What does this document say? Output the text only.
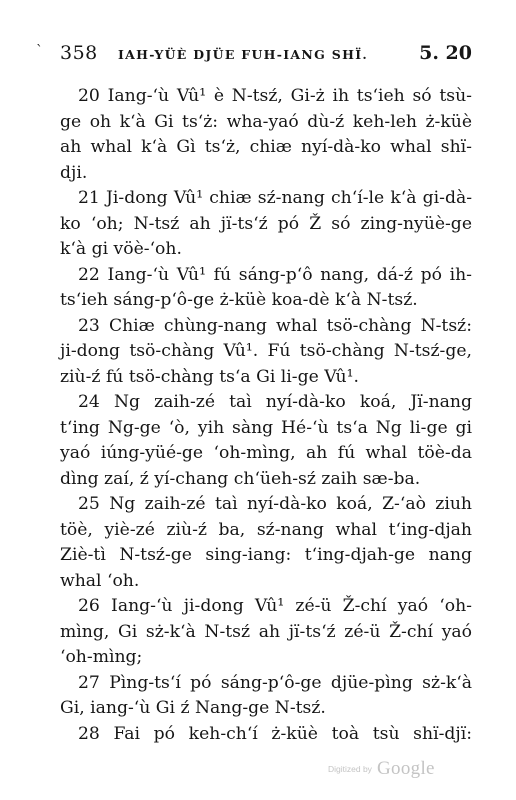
` 358 IAH-YÜÈ DJÜE FUH-IANG SHÏ.	5. 20
20 Iang-‘ù Vû¹ è N-tsź, Gi-ż ih ts‘ieh só tsù-
ge oh k‘à Gi ts‘ż: wha-yaó dù-ź keh-leh ż-küè
ah whal k‘à Gì ts‘ż, chiæ nyí-dà-ko whal shï-
dji.
21 Ji-dong Vû¹ chiæ sź-nang ch‘í-le k‘à gi-dà-
ko ‘oh; N-tsź ah jï-ts‘ź pó Ž só zing-nyüè-ge
k‘à gi vöè-‘oh.
22 Iang-‘ù Vû¹ fú sáng-p‘ô nang, dá-ź pó ih-
ts‘ieh sáng-p‘ô-ge ż-küè koa-dè k‘à N-tsź.
23 Chiæ chùng-nang whal tsö-chàng N-tsź:
ji-dong tsö-chàng Vû¹. Fú tsö-chàng N-tsź-ge,
ziù-ź fú tsö-chàng ts‘a Gi li-ge Vû¹.
24 Ng zaih-zé taì nyí-dà-ko koá, Jï-nang
t‘ing Ng-ge ‘ò, yih sàng Hé-‘ù ts‘a Ng li-ge gi
yaó iúng-yüé-ge ‘oh-mìng, ah fú whal töè-da
dìng zaí, ź yí-chang ch‘üeh-sź zaih sæ-ba.
25 Ng zaih-zé taì nyí-dà-ko koá, Z-‘aò ziuh
töè, yiè-zé ziù-ź ba, sź-nang whal t‘ing-djah
Ziè-tì N-tsź-ge sing-iang: t‘ing-djah-ge nang
whal ‘oh.
26 Iang-‘ù ji-dong Vû¹ zé-ü Ž-chí yaó ‘oh-
mìng, Gi sż-k‘à N-tsź ah jï-ts‘ź zé-ü Ž-chí yaó
‘oh-mìng;
27 Pìng-ts‘í pó sáng-p‘ô-ge djüe-pìng sż-k‘à
Gi, iang-‘ù Gi ź Nang-ge N-tsź.
28 Fai pó keh-ch‘í ż-küè toà tsù shï-djï:
Digitized by Google
